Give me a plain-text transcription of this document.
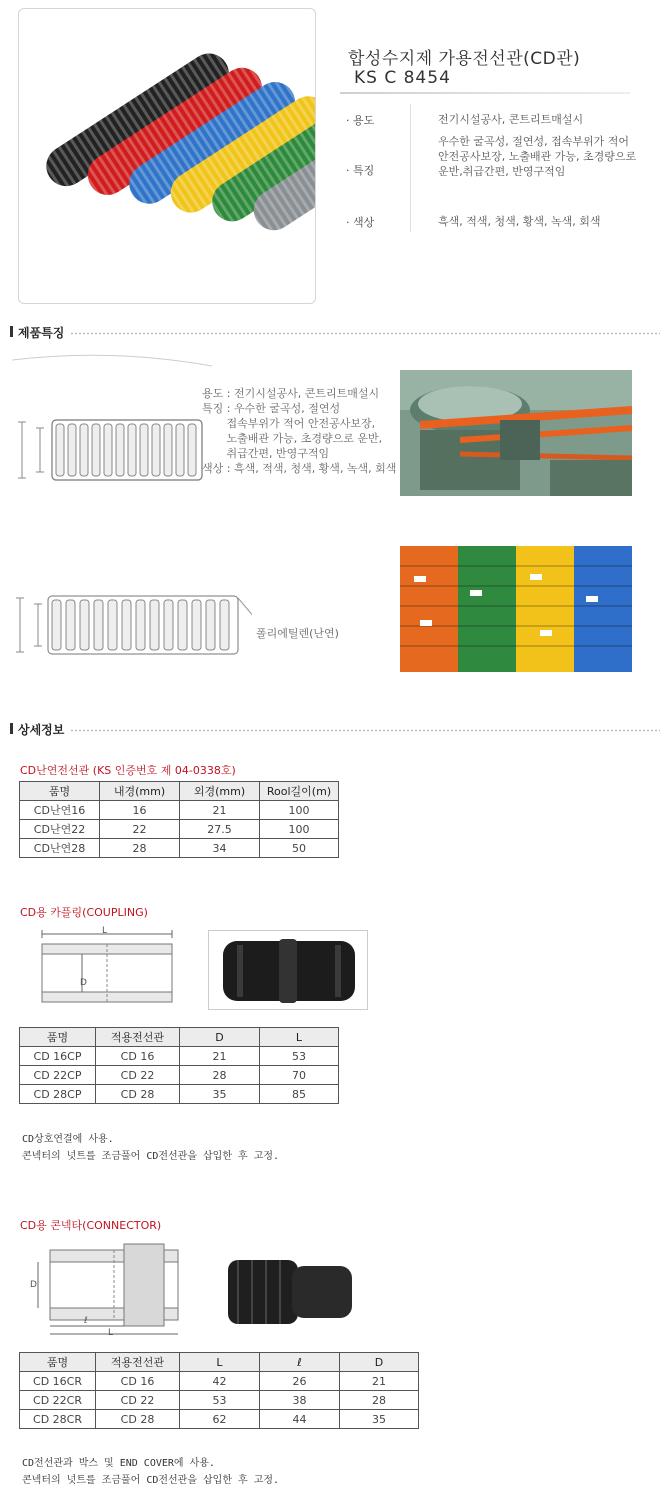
합성수지제 가용전선관(CD관)
KS C 8454
· 용도	전기시설공사, 콘트리트매설시
· 특징
우수한 굴곡성, 절연성, 접속부위가 적어 안전공사보장, 노출배관 가능, 초경량으로 운반,취급간편, 반영구적임
· 색상	흑색, 적색, 청색, 황색, 녹색, 회색
제품특징
용도 : 전기시설공사, 콘트리트매설시
특징 : 우수한 굴곡성, 절연성
접속부위가 적어 안전공사보장,
노출배관 가능, 초경량으로 운반,
취급간편, 반영구적임
색상 : 흑색, 적색, 청색, 황색, 녹색, 회색
폴리에틸렌(난연)
상세정보
CD난연전선관 (KS 인증번호 제 04-0338호)
품명	내경(mm)	외경(mm)	Rool길이(m)
CD난연16	16	21	100
CD난연22	22	27.5	100
CD난연28	28	34	50
CD용 카플링(COUPLING)
L
D
품명	적용전선관	D	L
CD 16CP	CD 16	21	53
CD 22CP	CD 22	28	70
CD 28CP	CD 28	35	85
CD상호연결에 사용.
콘넥터의 넛트를 조금풀어 CD전선관을 삽입한 후 고정.
CD용 콘넥타(CONNECTOR)
D
ℓ
L
품명	적용전선관	L	ℓ	D
CD 16CR	CD 16	42	26	21
CD 22CR	CD 22	53	38	28
CD 28CR	CD 28	62	44	35
CD전선관과 박스 및 END COVER에 사용.
콘넥터의 넛트를 조금풀어 CD전선관을 삽입한 후 고정.
